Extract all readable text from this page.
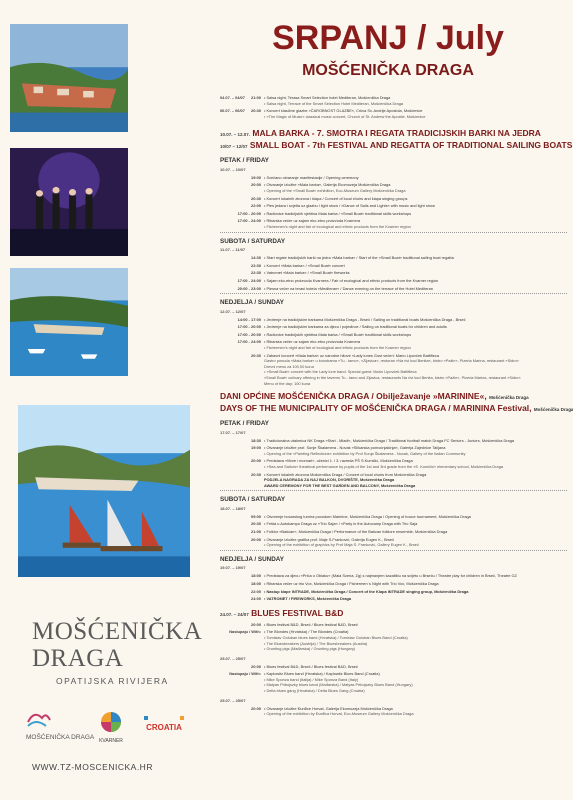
MOŠĆENIČKA
DRAGA
OPATIJSKA RIVIJERA
MOŠĆENIČKA DRAGA KVARNER
CROATIA
WWW.TZ-MOSCENICKA.HR
SRPANJ / July
MOŠĆENIČKA DRAGA
04.07. – 04/07	21:00 • Salsa night, Terasa Smart Selection hotel Mediteran, Mošćenička Draga
• Salsa night, Terrace of the Smart Selection Hotel Mediteran, Mošćenička Draga
06.07. – 06/07	20:30 • Koncert klasične glazbe »ČAROBNOST GLAZBE«, Crkva Sv. Andrije Apostola, Mošćenice
• »The Magic of Music« classical music concert, Church of St. Andrew the Apostle, Mošćenice
10.07. – 12.07. MALA BARKA - 7. SMOTRA I REGATA TRADICIJSKIH BARKI NA JEDRA
10/07 – 12/07 SMALL BOAT - 7th FESTIVAL AND REGATTA OF TRADITIONAL SAILING BOATS
PETAK / FRIDAY
10.07. – 10/07
19:00 • Svečano otvaranje manifestacije / Opening ceremony
20:00 • Otvaranje izložbe »Mala barka«, Galerija Ekomuzeja Mošćenička Draga
• Opening of the »Small Boat« exhibition, Eco-Museum Gallery Mošćenička Draga
20:30 • Koncert lokalnih zborova i klapa / Concert of local choirs and klapa singing groups
22:00 • Ples jedara i svjetla uz glazbu i light show / »Dance of Sails and Lights« with music and light show
17:00 - 20:00 • Radionice tradicijskih vještina Mala barka / »Small Boat« traditional skills workshops
17:00 - 24:00 • Ribarska večer uz sajam eko-etno proizvoda Kvarnera
• Fishermen's night and fair of ecological and ethnic products from the Kvarner region
SUBOTA / SATURDAY
11.07. – 11/07
14:30 • Start regate tradicijskih barki na jedra »Mala barka« / Start of the »Small Boat« traditional sailing boat regatta
22:30 • Koncert »Mala barka« / »Small Boat« concert
22:30 • Vatromet »Mala barka« / »Small Boat« fireworks
17:00 - 24:00 • Sajam eko-etno proizvoda Kvarnera / Fair of ecological and ethnic products from the Kvarner region
20:00 - 23:00 • Plesna večer na terasi hotela »Mediteran« / Dance evening on the terrace of the Hotel Mediteran
NEDJELJA / SUNDAY
12.07. – 12/07
14:00 - 17:00 • Jedrenje na tradicijskim barkama Mošćenička Draga - Brseč / Sailing on traditional boats Mošćenička Draga - Brseč
17:00 - 20:00 • Jedrenje na tradicijskim barkama za djecu i pojedince / Sailing on traditional boats for children and adults
17:00 - 20:00 • Radionice tradicijskih vještina Mala barka / »Small Boat« traditional skills workshops
17:00 - 24:00 • Ribarska večer uz sajam eko-etno proizvoda Kvarnera
• Fishermen's night and fair of ecological and ethnic products from the Kvarner region
20:30 • Zabavni koncert »Mala barka« uz narodne hitove »Lady lunes Gost večeri: Mario Lipovček Battifieca
Gastro ponuda »Mala barka« u konobama »Tu - tamo«, »Zijavica«, restoran »Na rivi kod Benita«, bistro »Pažin«, Pizeria Marina, restaurant »Sidro«
Drevni menu za 100,00 kuna
• »Small Boat« concert with the Lady lune band. Special guest: Mario Lipovček Battifieca
»Small Boat« culinary offering in the taverns Tu - tamo and Zijavica, restaurants Na rivi kod Benita, bistro »Pažin«, Pizeria Marina, restaurant »Sidro«
Menu of the day: 100 kuna
DANI OPĆINE MOŠĆENIČKA DRAGA / Obilježavanje »MARININE«, Mošćenička Draga
DAYS OF THE MUNICIPALITY OF MOŠĆENIČKA DRAGA / MARININA Festival, Mošćenička Draga
PETAK / FRIDAY
17.07. – 17/07
18:30 • Tradicionalna utakmica NK Draga »Stari - Mladi«, Mošćenička Draga / Traditional football match Draga FC Seniors - Juniors, Mošćenička Draga
19:00 • Otvaranje izložbe prof. Sonje Škalamera - Novak »Slikarska pomoćnjakinja«, Galerija Zajednice Talijana
• Opening of the »Painting Reflections« exhibition by Prof Sonja Škalamera - Novak, Gallery of the Italian Community
20:00 • Predstava »More i mornari«, učenici 1. i 3. razreda PŠ S.Kumičić, Mošćenička Draga
• »Sea and Sailors« theatrical performance by pupils of the 1st and 3rd grade from the »E. Kumičić« elementary school, Mošćenička Draga
20:30 • Koncert lokalnih zborova Mošćenička Draga / Concert of local choirs from Mošćenička Draga
PODJELA NAGRADA ZA NAJ BALKON, DVORIŠTE, Mošćenička Draga
AWARD CEREMONY FOR THE BEST GARDEN AND BALCONY, Mošćenička Draga
SUBOTA / SATURDAY
18.07. – 18/07
09:00 • Otvorenje boćarskog turnira povodom Marinine, Mošćenička Draga / Opening of bocce tournament, Mošćenička Draga
20:30 • Fešta u Autokampu Draga uz »Trio Saja« / »Party in the Autocamp Draga with Trio Saja
21:00 • Folklor »Bašćan«, Mošćenička Draga / Performance of the Bašćan folklore ensemble, Mošćenička Draga
20:00 • Otvaranje izložbe grafika prof. Maje S.Franković, Galerija Eugen K., Brseč
• Opening of the exhibition of graphics by Prof Maja S. Franković, Gallery Eugen K., Brseč
NEDJELJA / SUNDAY
19.07. – 19/07
18:00 • Predstava za djecu »Priča o Oblaku« (Mala Scena, Zg) s najmanjem kazalištu na svijetu u Brseču / Theatre play for children in Brseč, Theatre GZ
18:00 • Ribarska večer uz trio Vox, Mošćenička Draga / Fishermen´s Night with Trio Vox, Mošćenička Draga
22:00 • Nastup klape INTRADE, Mošćenička Draga / Concert of the Klapa INTRADE singing group, Mošćenička Draga
24:00 • VATROMET / FIREWORKS, Mošćenička Draga
24.07. – 24/07 BLUES FESTIVAL B&D
20:00 • Blues festival B&D, Brseč / Blues festival B&D, Brseč
Nastupaju / With: • The Blondes (Hrvatska) / The Blondes (Croatia)
• Tomislav Goluban blues band (Hrvatska) / Tomislav Goluban Blues Band (Croatia)
• The Bluesbreakers (Austrija) / The Bluesbreakers (Austria)
• Grunting pigs (Mađarska) / Grunting pigs (Hungary)
25.07. – 25/07
20:00 • Blues festival B&D, Brseč / Blues festival B&D, Brseč
Nastupaju / With: • Kaplowitz Blues band (Hrvatska) / Kaplowitz Blues Band (Croatia)
• Mike Sponza band (Italija) / Mike Sponza Band (Italy)
• Matyas Pribojszky blues band (Mađarska) / Matyas Pribojszky Blues Band (Hungary)
• Delta blues gang (Hrvatska) / Delta Blues Gang (Croatia)
25.07. – 25/07
20:00 • Otvaranje izložbe Đurđice Horvat, Galerija Ekomuzeja Mošćenička Draga
• Opening of the exhibition by Đurđica Horvat, Eco-Museum Gallery Mošćenička Draga
